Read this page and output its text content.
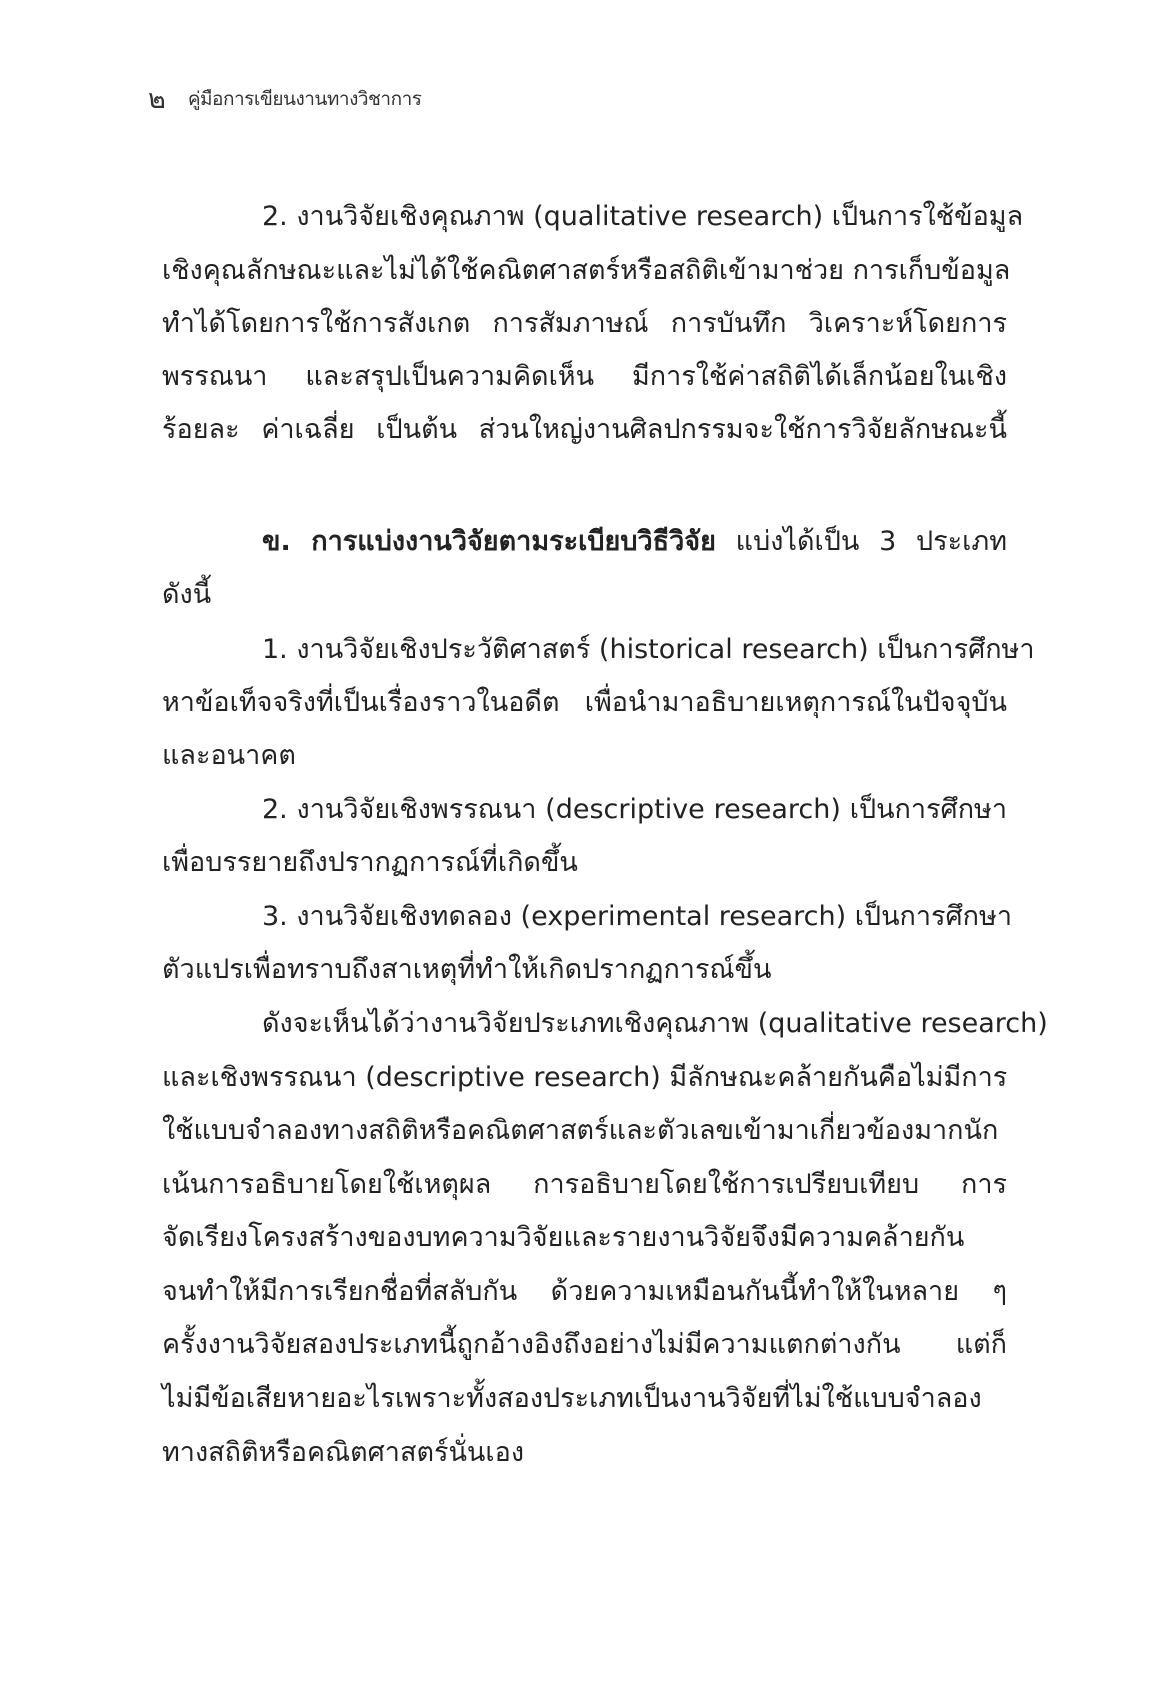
๒ คู่มือการเขียนงานทางวิชาการ
2. งานวิจัยเชิงคุณภาพ (qualitative research) เป็นการใช้ข้อมูล
เชิงคุณลักษณะและไม่ได้ใช้คณิตศาสตร์หรือสถิติเข้ามาช่วย การเก็บข้อมูล
ทำได้โดยการใช้การสังเกต การสัมภาษณ์ การบันทึก วิเคราะห์โดยการ
พรรณนา และสรุปเป็นความคิดเห็น มีการใช้ค่าสถิติได้เล็กน้อยในเชิง
ร้อยละ ค่าเฉลี่ย เป็นต้น ส่วนใหญ่งานศิลปกรรมจะใช้การวิจัยลักษณะนี้
ข. การแบ่งงานวิจัยตามระเบียบวิธีวิจัย แบ่งได้เป็น 3 ประเภท
ดังนี้
1. งานวิจัยเชิงประวัติศาสตร์ (historical research) เป็นการศึกษา
หาข้อเท็จจริงที่เป็นเรื่องราวในอดีต เพื่อนำมาอธิบายเหตุการณ์ในปัจจุบัน
และอนาคต
2. งานวิจัยเชิงพรรณนา (descriptive research) เป็นการศึกษา
เพื่อบรรยายถึงปรากฏการณ์ที่เกิดขึ้น
3. งานวิจัยเชิงทดลอง (experimental research) เป็นการศึกษา
ตัวแปรเพื่อทราบถึงสาเหตุที่ทำให้เกิดปรากฏการณ์ขึ้น
ดังจะเห็นได้ว่างานวิจัยประเภทเชิงคุณภาพ (qualitative research)
และเชิงพรรณนา (descriptive research) มีลักษณะคล้ายกันคือไม่มีการ
ใช้แบบจำลองทางสถิติหรือคณิตศาสตร์และตัวเลขเข้ามาเกี่ยวข้องมากนัก
เน้นการอธิบายโดยใช้เหตุผล การอธิบายโดยใช้การเปรียบเทียบ การ
จัดเรียงโครงสร้างของบทความวิจัยและรายงานวิจัยจึงมีความคล้ายกัน
จนทำให้มีการเรียกชื่อที่สลับกัน ด้วยความเหมือนกันนี้ทำให้ในหลาย ๆ
ครั้งงานวิจัยสองประเภทนี้ถูกอ้างอิงถึงอย่างไม่มีความแตกต่างกัน แต่ก็
ไม่มีข้อเสียหายอะไรเพราะทั้งสองประเภทเป็นงานวิจัยที่ไม่ใช้แบบจำลอง
ทางสถิติหรือคณิตศาสตร์นั่นเอง
